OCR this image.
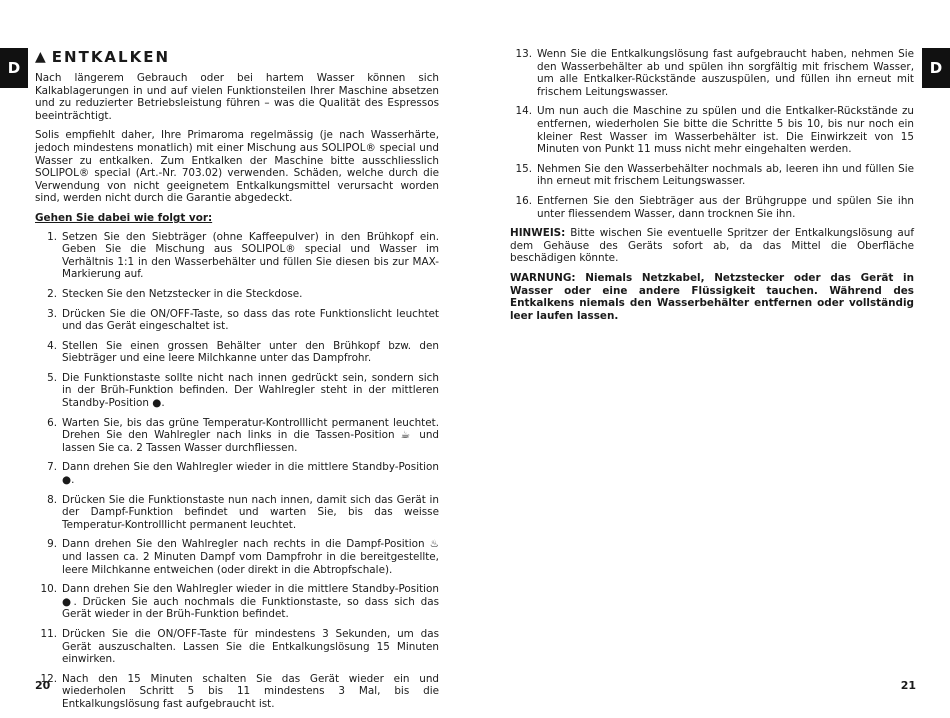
D	D
▲ ENTKALKEN

Nach längerem Gebrauch oder bei hartem Wasser können sich Kalkablagerungen in und auf vielen Funktionsteilen Ihrer Maschine absetzen und zu reduzierter Betriebsleistung führen – was die Qualität des Espressos beeinträchtigt.

Solis empfiehlt daher, Ihre Primaroma regelmässig (je nach Wasserhärte, jedoch mindestens monatlich) mit einer Mischung aus SOLIPOL® special und Wasser zu entkalken. Zum Entkalken der Maschine bitte ausschliesslich SOLIPOL® special (Art.-Nr. 703.02) verwenden. Schäden, welche durch die Verwendung von nicht geeignetem Entkalkungsmittel verursacht worden sind, werden nicht durch die Garantie abgedeckt.

Gehen Sie dabei wie folgt vor:

1. Setzen Sie den Siebträger (ohne Kaffeepulver) in den Brühkopf ein. Geben Sie die Mischung aus SOLIPOL® special und Wasser im Verhältnis 1:1 in den Wasserbehälter und füllen Sie diesen bis zur MAX-Markierung auf.
2. Stecken Sie den Netzstecker in die Steckdose.
3. Drücken Sie die ON/OFF-Taste, so dass das rote Funktionslicht leuchtet und das Gerät eingeschaltet ist.
4. Stellen Sie einen grossen Behälter unter den Brühkopf bzw. den Siebträger und eine leere Milchkanne unter das Dampfrohr.
5. Die Funktionstaste sollte nicht nach innen gedrückt sein, sondern sich in der Brüh-Funktion befinden. Der Wahlregler steht in der mittleren Standby-Position ●.
6. Warten Sie, bis das grüne Temperatur-Kontrolllicht permanent leuchtet. Drehen Sie den Wahlregler nach links in die Tassen-Position ☕ und lassen Sie ca. 2 Tassen Wasser durchfliessen.
7. Dann drehen Sie den Wahlregler wieder in die mittlere Standby-Position ●.
8. Drücken Sie die Funktionstaste nun nach innen, damit sich das Gerät in der Dampf-Funktion befindet und warten Sie, bis das weisse Temperatur-Kontrolllicht permanent leuchtet.
9. Dann drehen Sie den Wahlregler nach rechts in die Dampf-Position ♨ und lassen ca. 2 Minuten Dampf vom Dampfrohr in die bereitgestellte, leere Milchkanne entweichen (oder direkt in die Abtropfschale).
10. Dann drehen Sie den Wahlregler wieder in die mittlere Standby-Position ●. Drücken Sie auch nochmals die Funktionstaste, so dass sich das Gerät wieder in der Brüh-Funktion befindet.
11. Drücken Sie die ON/OFF-Taste für mindestens 3 Sekunden, um das Gerät auszuschalten. Lassen Sie die Entkalkungslösung 15 Minuten einwirken.
12. Nach den 15 Minuten schalten Sie das Gerät wieder ein und wiederholen Schritt 5 bis 11 mindestens 3 Mal, bis die Entkalkungslösung fast aufgebraucht ist.
13. Wenn Sie die Entkalkungslösung fast aufgebraucht haben, nehmen Sie den Wasserbehälter ab und spülen ihn sorgfältig mit frischem Wasser, um alle Entkalker-Rückstände auszuspülen, und füllen ihn erneut mit frischem Leitungswasser.
14. Um nun auch die Maschine zu spülen und die Entkalker-Rückstände zu entfernen, wiederholen Sie bitte die Schritte 5 bis 10, bis nur noch ein kleiner Rest Wasser im Wasserbehälter ist. Die Einwirkzeit von 15 Minuten von Punkt 11 muss nicht mehr eingehalten werden.
15. Nehmen Sie den Wasserbehälter nochmals ab, leeren ihn und füllen Sie ihn erneut mit frischem Leitungswasser.
16. Entfernen Sie den Siebträger aus der Brühgruppe und spülen Sie ihn unter fliessendem Wasser, dann trocknen Sie ihn.

HINWEIS: Bitte wischen Sie eventuelle Spritzer der Entkalkungslösung auf dem Gehäuse des Geräts sofort ab, da das Mittel die Oberfläche beschädigen könnte.

WARNUNG: Niemals Netzkabel, Netzstecker oder das Gerät in Wasser oder eine andere Flüssigkeit tauchen. Während des Entkalkens niemals den Wasserbehälter entfernen oder vollständig leer laufen lassen.

20	21
